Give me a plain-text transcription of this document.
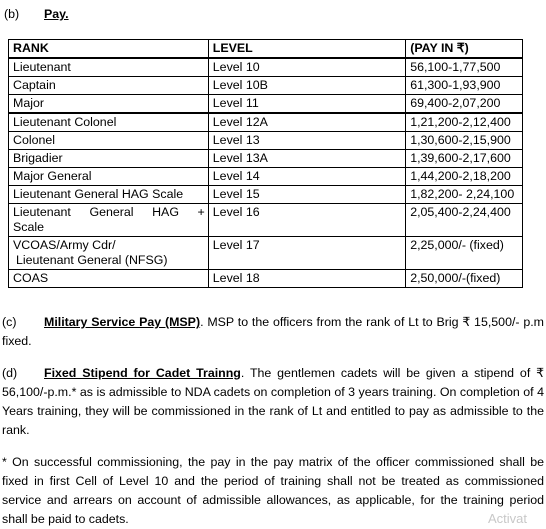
(b) Pay.
RANK	LEVEL	(PAY IN ₹)
Lieutenant	Level 10	56,100-1,77,500
Captain	Level 10B	61,300-1,93,900
Major	Level 11	69,400-2,07,200
Lieutenant Colonel	Level 12A	1,21,200-2,12,400
Colonel	Level 13	1,30,600-2,15,900
Brigadier	Level 13A	1,39,600-2,17,600
Major General	Level 14	1,44,200-2,18,200
Lieutenant General HAG Scale	Level 15	1,82,200- 2,24,100

Lieutenant General HAG +
Scale	Level 16	2,05,400-2,24,400

VCOAS/Army Cdr/
Lieutenant General (NFSG)	Level 17	2,25,000/- (fixed)
COAS	Level 18	2,50,000/-(fixed)
(c) Military Service Pay (MSP). MSP to the officers from the rank of Lt to Brig ₹ 15,500/- p.m fixed.
(d) Fixed Stipend for Cadet Trainng. The gentlemen cadets will be given a stipend of ₹ 56,100/-p.m.* as is admissible to NDA cadets on completion of 3 years training. On completion of 4 Years training, they will be commissioned in the rank of Lt and entitled to pay as admissible to the rank.
* On successful commissioning, the pay in the pay matrix of the officer commissioned shall be fixed in first Cell of Level 10 and the period of training shall not be treated as commissioned service and arrears on account of admissible allowances, as applicable, for the training period shall be paid to cadets.	Activat
